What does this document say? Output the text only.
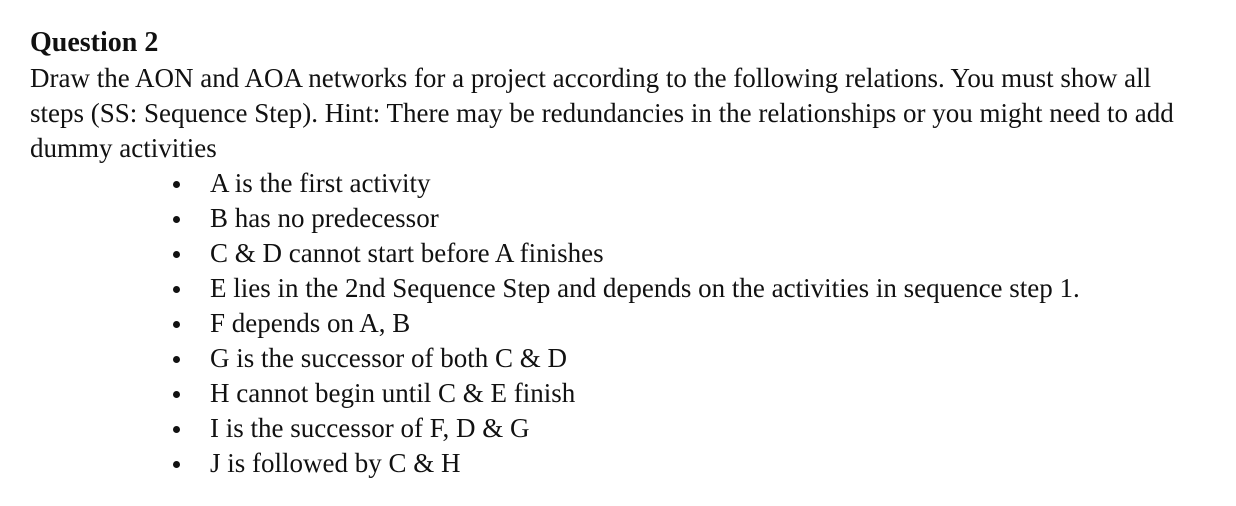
Question 2

Draw the AON and AOA networks for a project according to the following relations. You must show all steps (SS: Sequence Step). Hint: There may be redundancies in the relationships or you might need to add dummy activities

A is the first activity
B has no predecessor
C & D cannot start before A finishes
E lies in the 2nd Sequence Step and depends on the activities in sequence step 1.
F depends on A, B
G is the successor of both C & D
H cannot begin until C & E finish
I is the successor of F, D & G
J is followed by C & H
